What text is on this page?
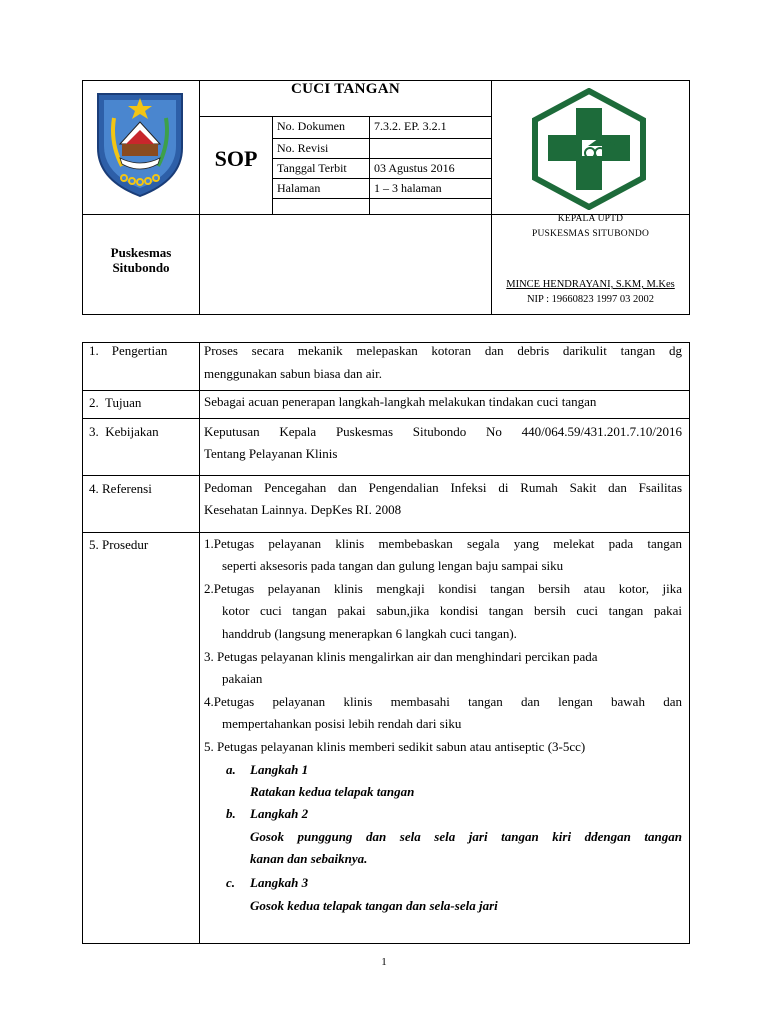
CUCI TANGAN
SOP
No. Dokumen 7.3.2. EP. 3.2.1
No. Revisi
Tanggal Terbit 03 Agustus 2016
Halaman	1 – 3 halaman
Puskesmas
Situbondo
KEPALA UPTD
PUSKESMAS SITUBONDO
MINCE HENDRAYANI, S.KM, M.Kes
NIP : 19660823 1997 03 2002
1.    Pengertian	Proses secara mekanik melepaskan kotoran dan debris darikulit tangan dg
menggunakan sabun biasa dan air.
2.  Tujuan	Sebagai acuan penerapan langkah-langkah melakukan tindakan cuci tangan
3.  Kebijakan	Keputusan Kepala Puskesmas Situbondo No 440/064.59/431.201.7.10/2016
Tentang Pelayanan Klinis
4. Referensi	Pedoman Pencegahan dan Pengendalian Infeksi di Rumah Sakit dan Fsailitas
Kesehatan Lainnya. DepKes RI. 2008
5. Prosedur	1.Petugas pelayanan klinis membebaskan segala yang melekat pada tangan
seperti aksesoris pada tangan dan gulung lengan baju sampai siku
2.Petugas pelayanan klinis mengkaji kondisi tangan bersih atau kotor, jika
kotor cuci tangan pakai sabun,jika kondisi tangan bersih cuci tangan pakai
handdrub (langsung menerapkan 6 langkah cuci tangan).
3. Petugas pelayanan klinis mengalirkan air dan menghindari percikan pada
pakaian
4.Petugas pelayanan klinis membasahi tangan dan lengan bawah dan
mempertahankan posisi lebih rendah dari siku
5. Petugas pelayanan klinis memberi sedikit sabun atau antiseptic (3-5cc)
a. Langkah 1
Ratakan kedua telapak tangan
b. Langkah 2
Gosok punggung dan sela sela jari tangan kiri ddengan tangan
kanan dan sebaiknya.
c. Langkah 3
Gosok kedua telapak tangan dan sela-sela jari
1
